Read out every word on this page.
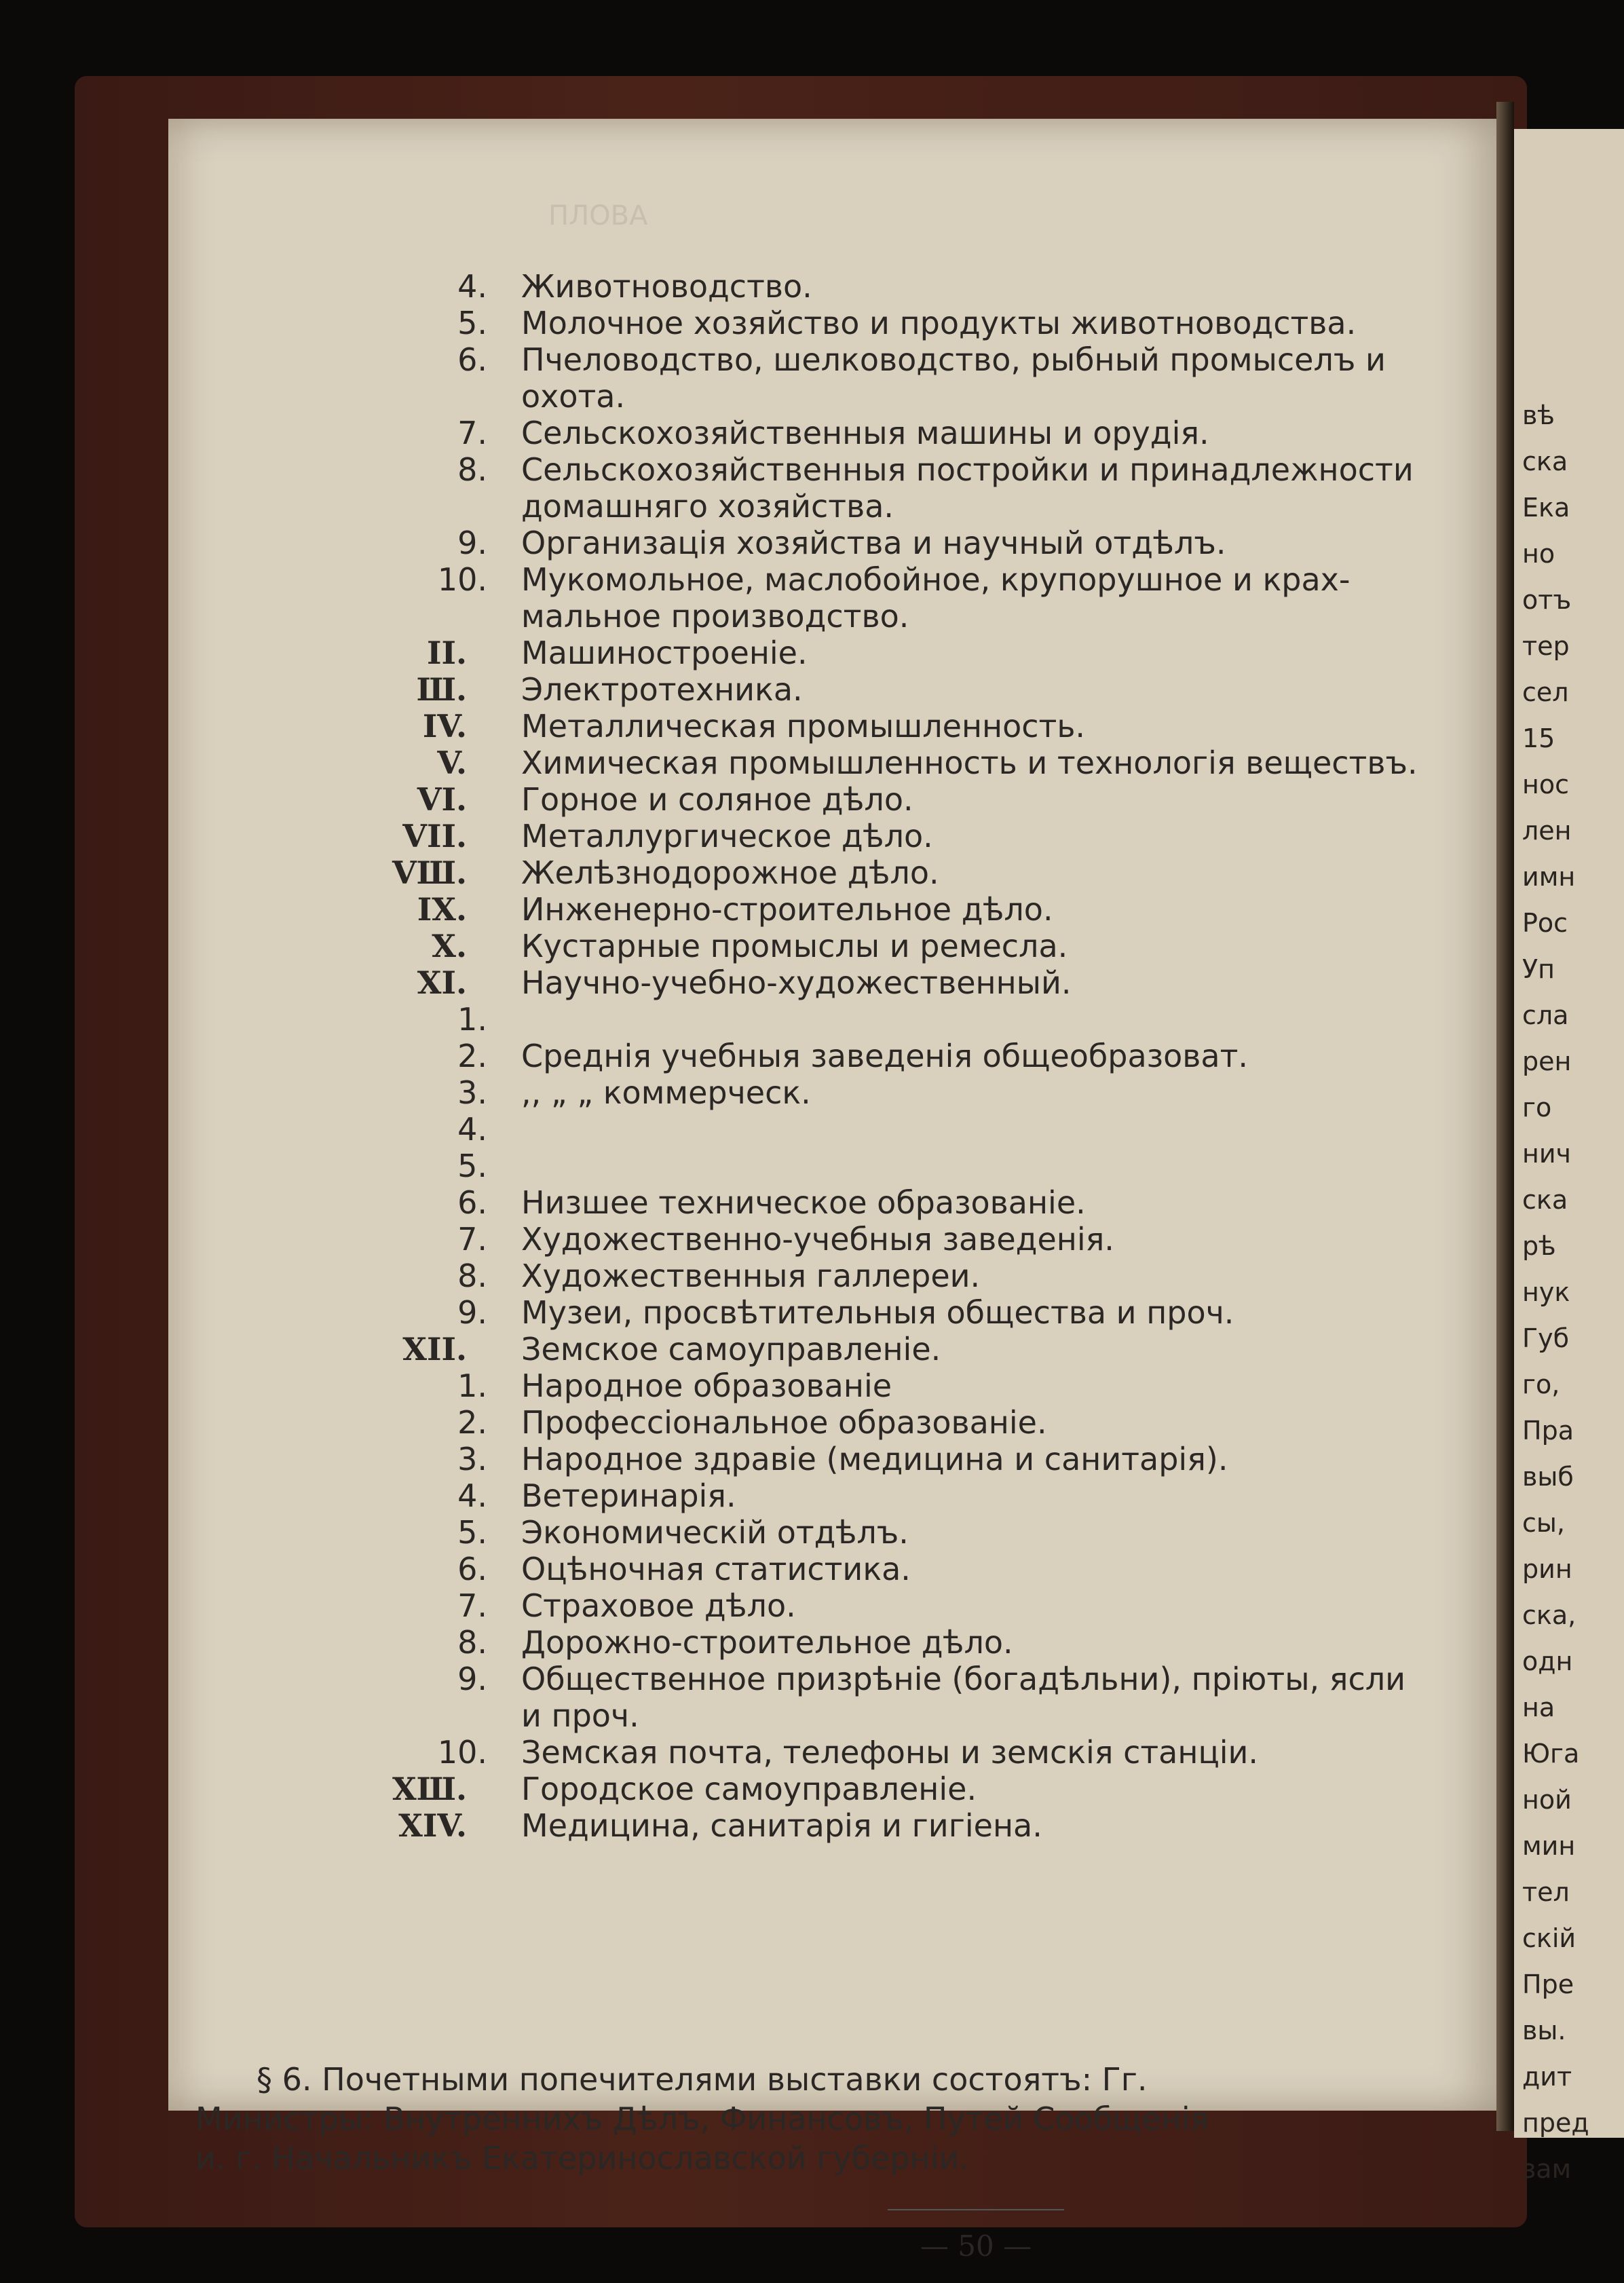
ПЛОВА
4. Животноводство.
5. Молочное хозяйство и продукты животноводства.
6. Пчеловодство, шелководство, рыбный промыселъ и
охота.
7. Сельскохозяйственныя машины и орудія.
8. Сельскохозяйственныя постройки и принадлежности
домашняго хозяйства.
9. Организація хозяйства и научный отдѣлъ.
10. Мукомольное, маслобойное, крупорушное и крах-
мальное производство.
II. Машиностроеніе.
Ш. Электротехника.
IV. Металлическая промышленность.
V. Химическая промышленность и технологія веществъ.
VI. Горное и соляное дѣло.
VII. Металлургическое дѣло.
VШ. Желѣзнодорожное дѣло.
IX. Инженерно-строительное дѣло.
X. Кустарные промыслы и ремесла.
XI. Научно-учебно-художественный.
1.
2. Среднія учебныя заведенія общеобразоват.
3. ,, „ „ коммерческ.
4.
5.
6. Низшее техническое образованіе.
7. Художественно-учебныя заведенія.
8. Художественныя галлереи.
9. Музеи, просвѣтительныя общества и проч.
XII. Земское самоуправленіе.
1. Народное образованіе
2. Профессіональное образованіе.
3. Народное здравіе (медицина и санитарія).
4. Ветеринарія.
5. Экономическій отдѣлъ.
6. Оцѣночная статистика.
7. Страховое дѣло.
8. Дорожно-строительное дѣло.
9. Общественное призрѣніе (богадѣльни), пріюты, ясли
и проч.
10. Земская почта, телефоны и земскія станціи.
XШ. Городское самоуправленіе.
XIV. Медицина, санитарія и гигіена.
§ 6. Почетными попечителями выставки состоятъ: Гг.
Министры: Внутреннихъ Дѣлъ, Финансовъ, Путей Сообщенія
и. г. Начальникъ Екатеринославской губерніи.
— 50 —
вѣ
ска
Ека
но
отъ
тер
сел
15
нос
лен
имн
Рос
Уп
сла
рен
го
нич
ска
рѣ
нук
Губ
го,
Пра
выб
сы,
рин
ска,
одн
на
Юга
ной
мин
тел
скій
Пре
вы.
дит
пред
зам
